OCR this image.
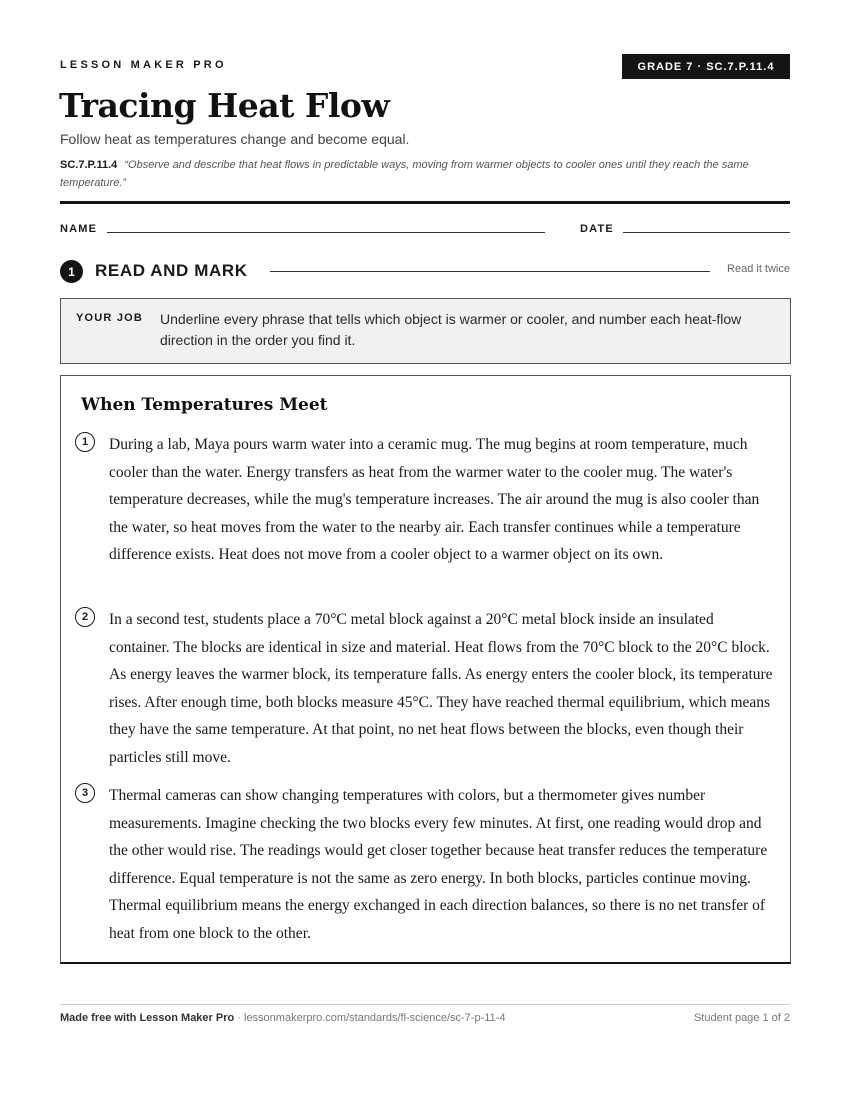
LESSON MAKER PRO	GRADE 7 · SC.7.P.11.4
Tracing Heat Flow
Follow heat as temperatures change and become equal.
SC.7.P.11.4 “Observe and describe that heat flows in predictable ways, moving from warmer objects to cooler ones until they reach the same temperature.”
NAME	DATE
1	READ AND MARK	Read it twice
YOUR JOB Underline every phrase that tells which object is warmer or cooler, and number each heat-flow direction in the order you find it.
When Temperatures Meet
1	During a lab, Maya pours warm water into a ceramic mug. The mug begins at room temperature, much cooler than the water. Energy transfers as heat from the warmer water to the cooler mug. The water's temperature decreases, while the mug's temperature increases. The air around the mug is also cooler than the water, so heat moves from the water to the nearby air. Each transfer continues while a temperature difference exists. Heat does not move from a cooler object to a warmer object on its own.
2	In a second test, students place a 70°C metal block against a 20°C metal block inside an insulated container. The blocks are identical in size and material. Heat flows from the 70°C block to the 20°C block. As energy leaves the warmer block, its temperature falls. As energy enters the cooler block, its temperature rises. After enough time, both blocks measure 45°C. They have reached thermal equilibrium, which means they have the same temperature. At that point, no net heat flows between the blocks, even though their particles still move.
3	Thermal cameras can show changing temperatures with colors, but a thermometer gives number measurements. Imagine checking the two blocks every few minutes. At first, one reading would drop and the other would rise. The readings would get closer together because heat transfer reduces the temperature difference. Equal temperature is not the same as zero energy. In both blocks, particles continue moving. Thermal equilibrium means the energy exchanged in each direction balances, so there is no net transfer of heat from one block to the other.
Made free with Lesson Maker Pro · lessonmakerpro.com/standards/fl-science/sc-7-p-11-4	Student page 1 of 2
